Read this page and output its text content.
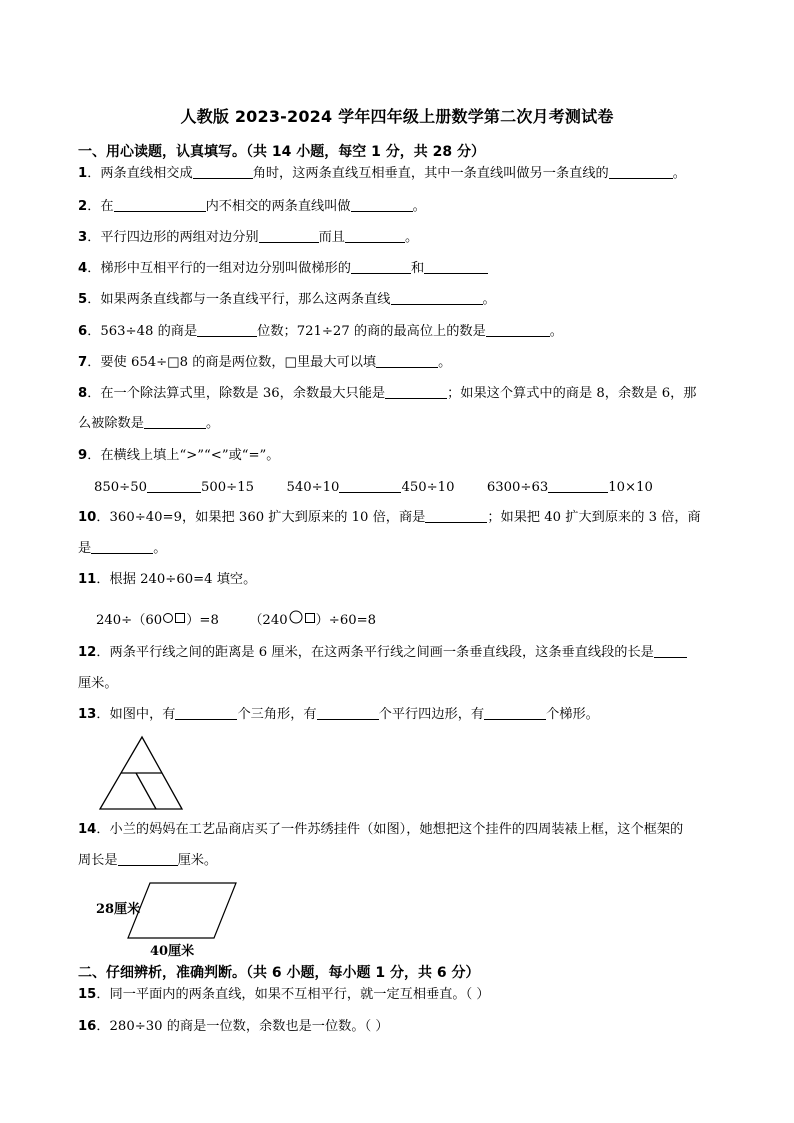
人教版 2023-2024 学年四年级上册数学第二次月考测试卷
一、用心读题，认真填写。（共 14 小题，每空 1 分，共 28 分）
1．两条直线相交成	角时，这两条直线互相垂直，其中一条直线叫做另一条直线的	。
2．在	内不相交的两条直线叫做	。
3．平行四边形的两组对边分别	而且	。
4．梯形中互相平行的一组对边分别叫做梯形的	和
5．如果两条直线都与一条直线平行，那么这两条直线	。
6．563÷48 的商是	位数；721÷27 的商的最高位上的数是	。
7．要使 654÷□8 的商是两位数，□里最大可以填	。
8．在一个除法算式里，除数是 36，余数最大只能是	；如果这个算式中的商是 8，余数是 6，那
么被除数是	。
9．在横线上填上“>”“<”或“=”。
850÷50	500÷15 540÷10	450÷10 6300÷63	10×10
10．360÷40=9，如果把 360 扩大到原来的 10 倍，商是	；如果把 40 扩大到原来的 3 倍，商
是	。
11．根据 240÷60=4 填空。
240÷（60 ）=8 （240 ）÷60=8
12．两条平行线之间的距离是 6 厘米，在这两条平行线之间画一条垂直线段，这条垂直线段的长是
厘米。
13．如图中，有	个三角形，有	个平行四边形，有	个梯形。
14．小兰的妈妈在工艺品商店买了一件苏绣挂件（如图），她想把这个挂件的四周装裱上框，这个框架的
周长是	厘米。
28厘米
40厘米
二、仔细辨析，准确判断。（共 6 小题，每小题 1 分，共 6 分）
15．同一平面内的两条直线，如果不互相平行，就一定互相垂直。（ ）
16．280÷30 的商是一位数，余数也是一位数。（ ）
